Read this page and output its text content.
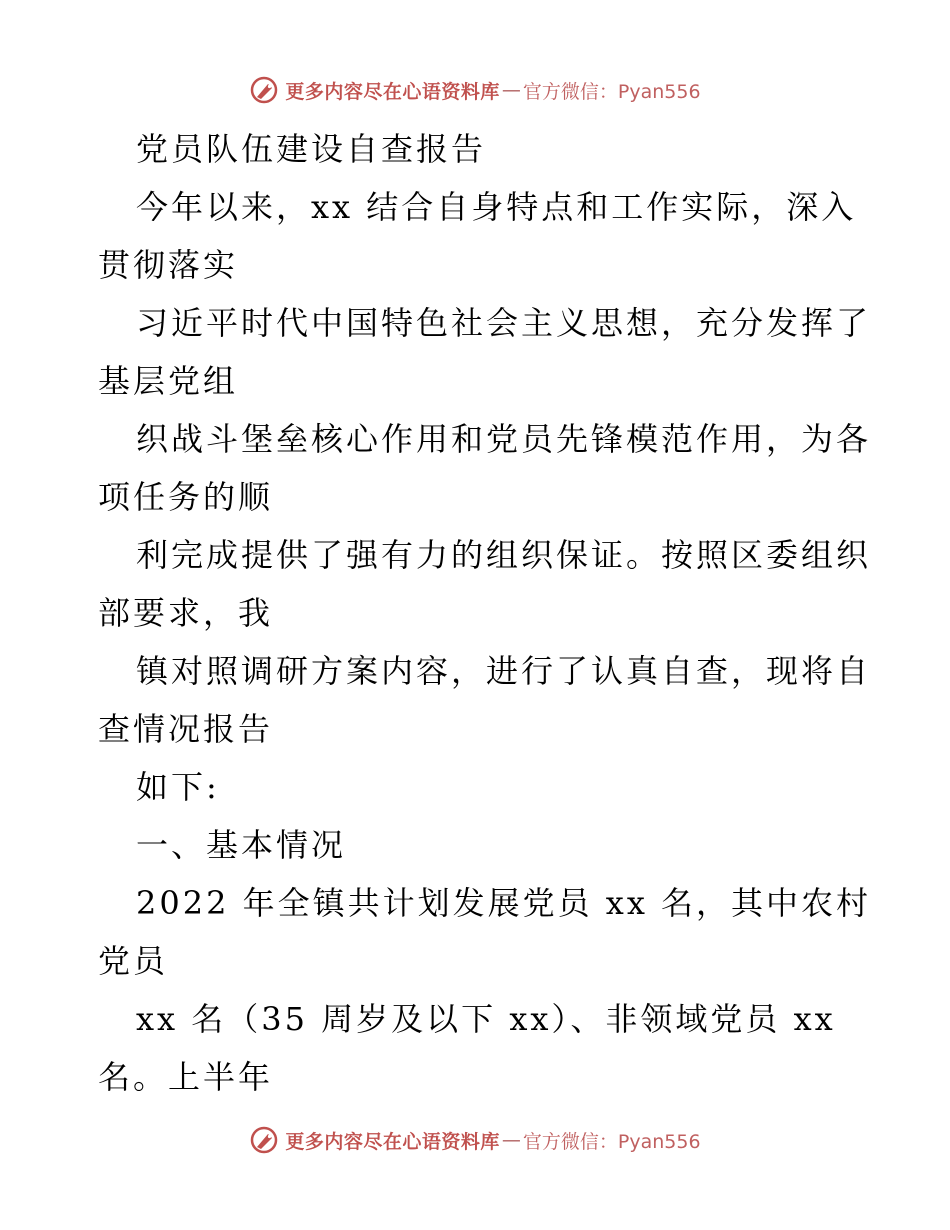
更多内容尽在心语资料库 — 官方微信：Pyan556
党员队伍建设自查报告
今年以来，xx 结合自身特点和工作实际，深入
贯彻落实
习近平时代中国特色社会主义思想，充分发挥了
基层党组
织战斗堡垒核心作用和党员先锋模范作用，为各
项任务的顺
利完成提供了强有力的组织保证。按照区委组织
部要求，我
镇对照调研方案内容，进行了认真自查，现将自
查情况报告
如下:
一、基本情况
2022 年全镇共计划发展党员 xx 名，其中农村
党员
xx 名（35 周岁及以下 xx）、非领域党员 xx
名。上半年
更多内容尽在心语资料库 — 官方微信：Pyan556
